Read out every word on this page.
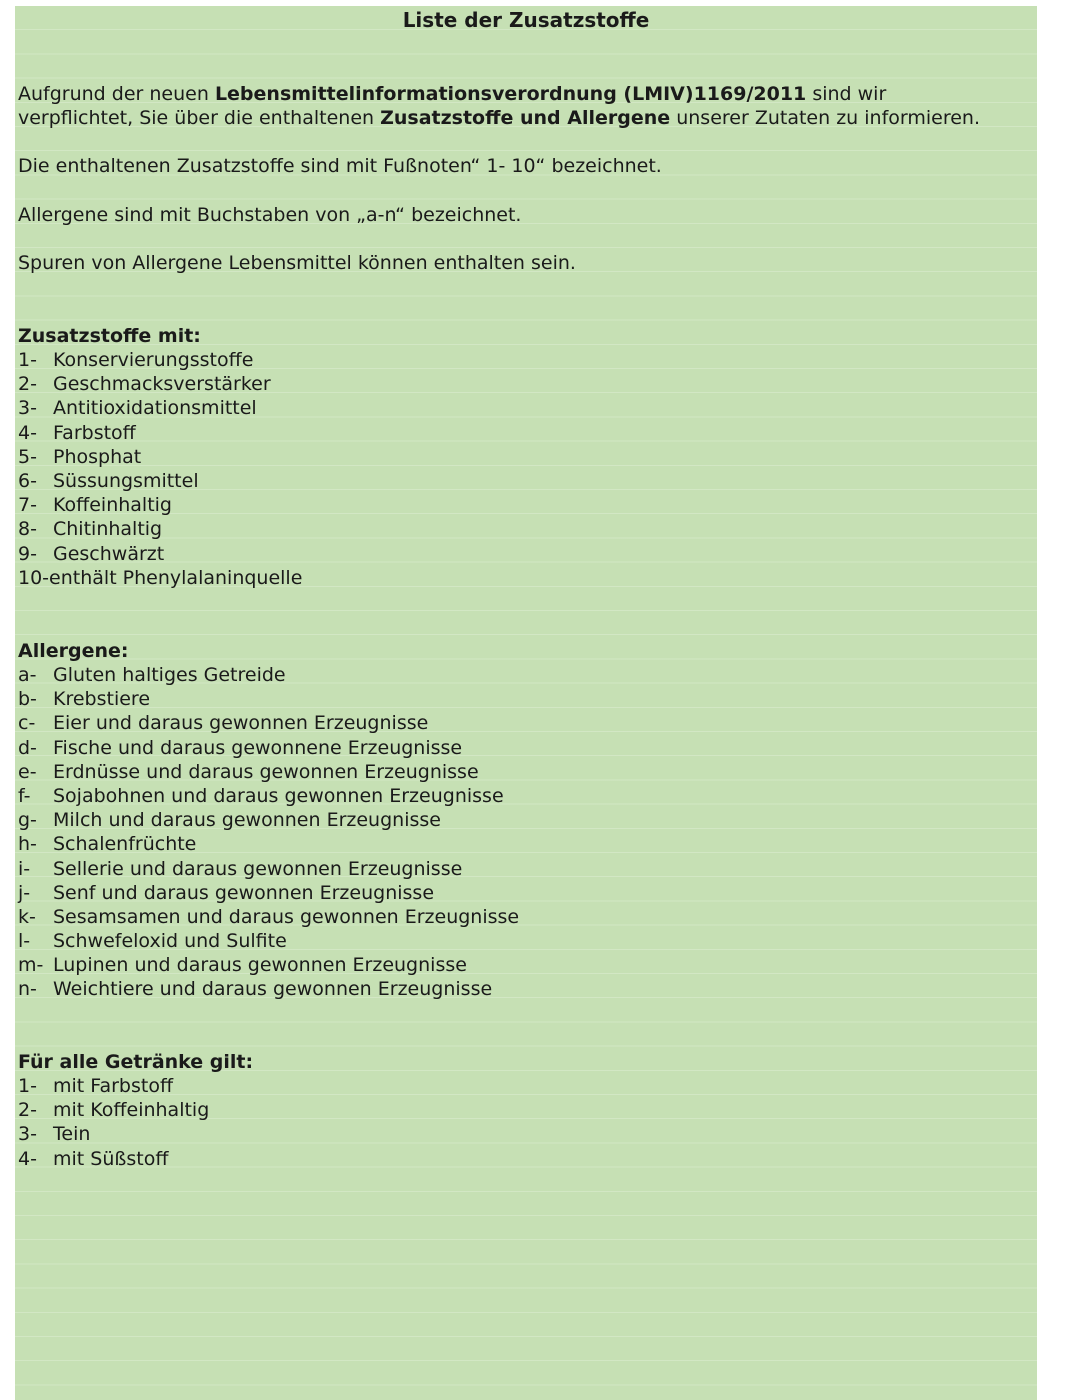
Liste der Zusatzstoffe

Aufgrund der neuen Lebensmittelinformationsverordnung (LMIV)1169/2011 sind wir

verpflichtet, Sie über die enthaltenen Zusatzstoffe und Allergene unserer Zutaten zu informieren.

Die enthaltenen Zusatzstoffe sind mit Fußnoten“ 1- 10“ bezeichnet.

Allergene sind mit Buchstaben von „a-n“ bezeichnet.

Spuren von Allergene Lebensmittel können enthalten sein.

Zusatzstoffe mit:
1- Konservierungsstoffe
2- Geschmacksverstärker
3- Antitioxidationsmittel
4- Farbstoff
5- Phosphat
6- Süssungsmittel
7- Koffeinhaltig
8- Chitinhaltig
9- Geschwärzt
10- enthält Phenylalaninquelle
Allergene:
a- Gluten haltiges Getreide
b- Krebstiere
c- Eier und daraus gewonnen Erzeugnisse
d- Fische und daraus gewonnene Erzeugnisse
e- Erdnüsse und daraus gewonnen Erzeugnisse
f-	Sojabohnen und daraus gewonnen Erzeugnisse
g- Milch und daraus gewonnen Erzeugnisse
h- Schalenfrüchte
i-	Sellerie und daraus gewonnen Erzeugnisse
j-	Senf und daraus gewonnen Erzeugnisse
k- Sesamsamen und daraus gewonnen Erzeugnisse
l-	Schwefeloxid und Sulfite
m- Lupinen und daraus gewonnen Erzeugnisse
n- Weichtiere und daraus gewonnen Erzeugnisse
Für alle Getränke gilt:
1- mit Farbstoff
2- mit Koffeinhaltig
3- Tein
4- mit Süßstoff
